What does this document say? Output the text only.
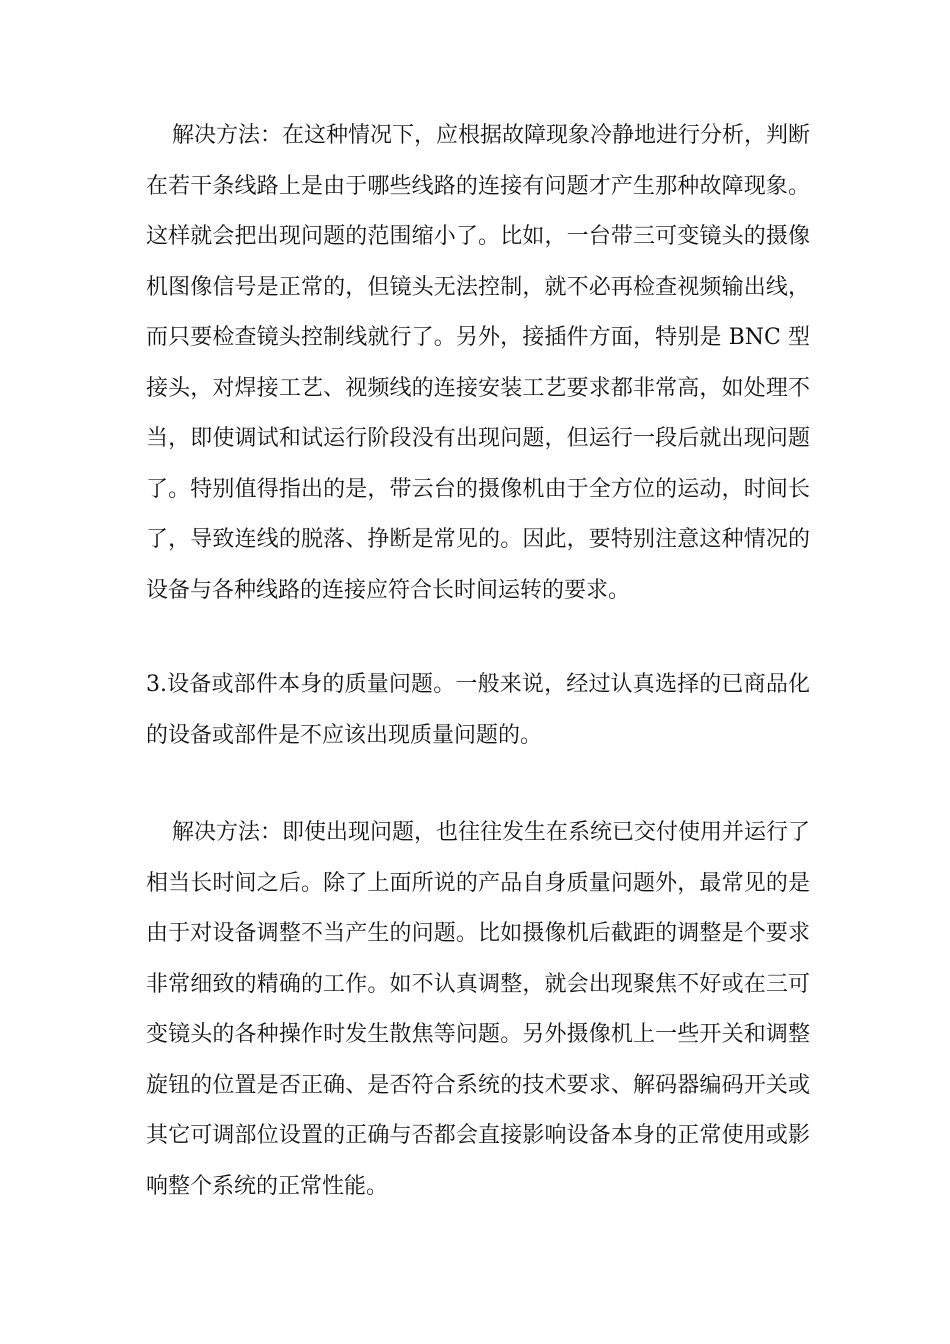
解决方法：在这种情况下，应根据故障现象冷静地进行分析，判断在若干条线路上是由于哪些线路的连接有问题才产生那种故障现象。这样就会把出现问题的范围缩小了。比如，一台带三可变镜头的摄像机图像信号是正常的，但镜头无法控制，就不必再检查视频输出线，而只要检查镜头控制线就行了。另外，接插件方面，特别是 BNC 型接头，对焊接工艺、视频线的连接安装工艺要求都非常高，如处理不当，即使调试和试运行阶段没有出现问题，但运行一段后就出现问题了。特别值得指出的是，带云台的摄像机由于全方位的运动，时间长了，导致连线的脱落、挣断是常见的。因此，要特别注意这种情况的设备与各种线路的连接应符合长时间运转的要求。

3.设备或部件本身的质量问题。一般来说，经过认真选择的已商品化的设备或部件是不应该出现质量问题的。

解决方法：即使出现问题，也往往发生在系统已交付使用并运行了相当长时间之后。除了上面所说的产品自身质量问题外，最常见的是由于对设备调整不当产生的问题。比如摄像机后截距的调整是个要求非常细致的精确的工作。如不认真调整，就会出现聚焦不好或在三可变镜头的各种操作时发生散焦等问题。另外摄像机上一些开关和调整旋钮的位置是否正确、是否符合系统的技术要求、解码器编码开关或其它可调部位设置的正确与否都会直接影响设备本身的正常使用或影响整个系统的正常性能。
